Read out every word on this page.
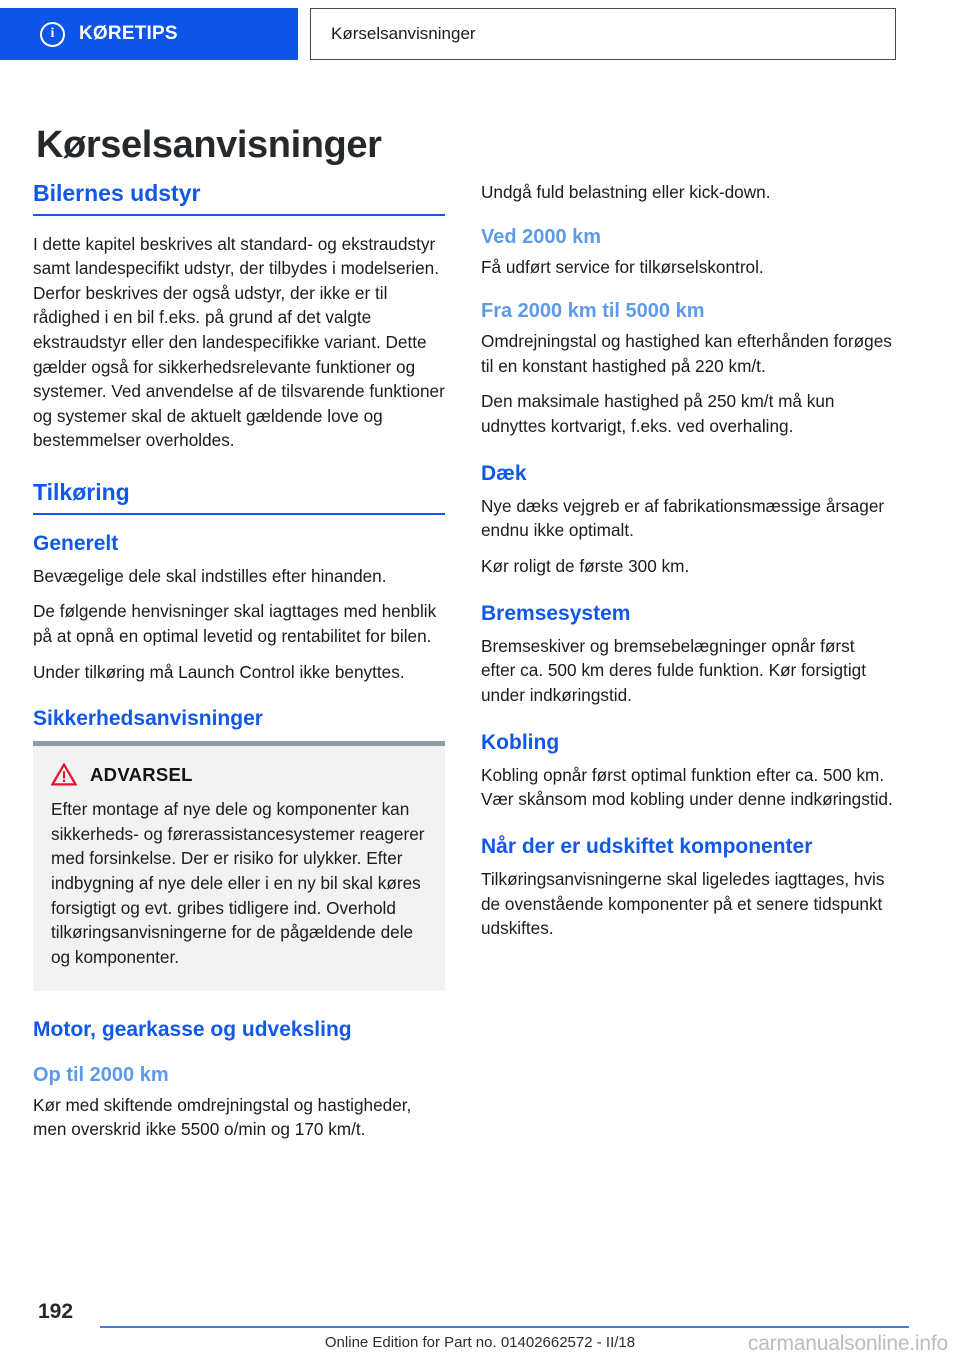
i KØRETIPS	Kørselsanvisninger
Kørselsanvisninger
Bilernes udstyr

I dette kapitel beskrives alt standard- og ekstraudstyr samt landespecifikt udstyr, der tilbydes i modelserien. Derfor beskrives der også udstyr, der ikke er til rådighed i en bil f.eks. på grund af det valgte ekstraudstyr eller den landespecifikke variant. Dette gælder også for sikkerhedsrelevante funktioner og systemer. Ved anvendelse af de tilsvarende funktioner og systemer skal de aktuelt gældende love og bestemmelser overholdes.

Tilkøring
Generelt

Bevægelige dele skal indstilles efter hinanden.

De følgende henvisninger skal iagttages med henblik på at opnå en optimal levetid og rentabilitet for bilen.

Under tilkøring må Launch Control ikke benyttes.

Sikkerhedsanvisninger
ADVARSEL

Efter montage af nye dele og komponenter kan sikkerheds- og førerassistancesystemer reagerer med forsinkelse. Der er risiko for ulykker. Efter indbygning af nye dele eller i en ny bil skal køres forsigtigt og evt. gribes tidligere ind. Overhold tilkøringsanvisningerne for de pågældende dele og komponenter.

Motor, gearkasse og udveksling
Op til 2000 km

Kør med skiftende omdrejningstal og hastigheder, men overskrid ikke 5500 o/min og 170 km/t.

Undgå fuld belastning eller kick-down.

Ved 2000 km

Få udført service for tilkørselskontrol.

Fra 2000 km til 5000 km

Omdrejningstal og hastighed kan efterhånden forøges til en konstant hastighed på 220 km/t.

Den maksimale hastighed på 250 km/t må kun udnyttes kortvarigt, f.eks. ved overhaling.

Dæk

Nye dæks vejgreb er af fabrikationsmæssige årsager endnu ikke optimalt.

Kør roligt de første 300 km.

Bremsesystem

Bremseskiver og bremsebelægninger opnår først efter ca. 500 km deres fulde funktion. Kør forsigtigt under indkøringstid.

Kobling

Kobling opnår først optimal funktion efter ca. 500 km. Vær skånsom mod kobling under denne indkøringstid.

Når der er udskiftet komponenter

Tilkøringsanvisningerne skal ligeledes iagttages, hvis de ovenstående komponenter på et senere tidspunkt udskiftes.

192
Online Edition for Part no. 01402662572 - II/18	carmanualsonline.info
